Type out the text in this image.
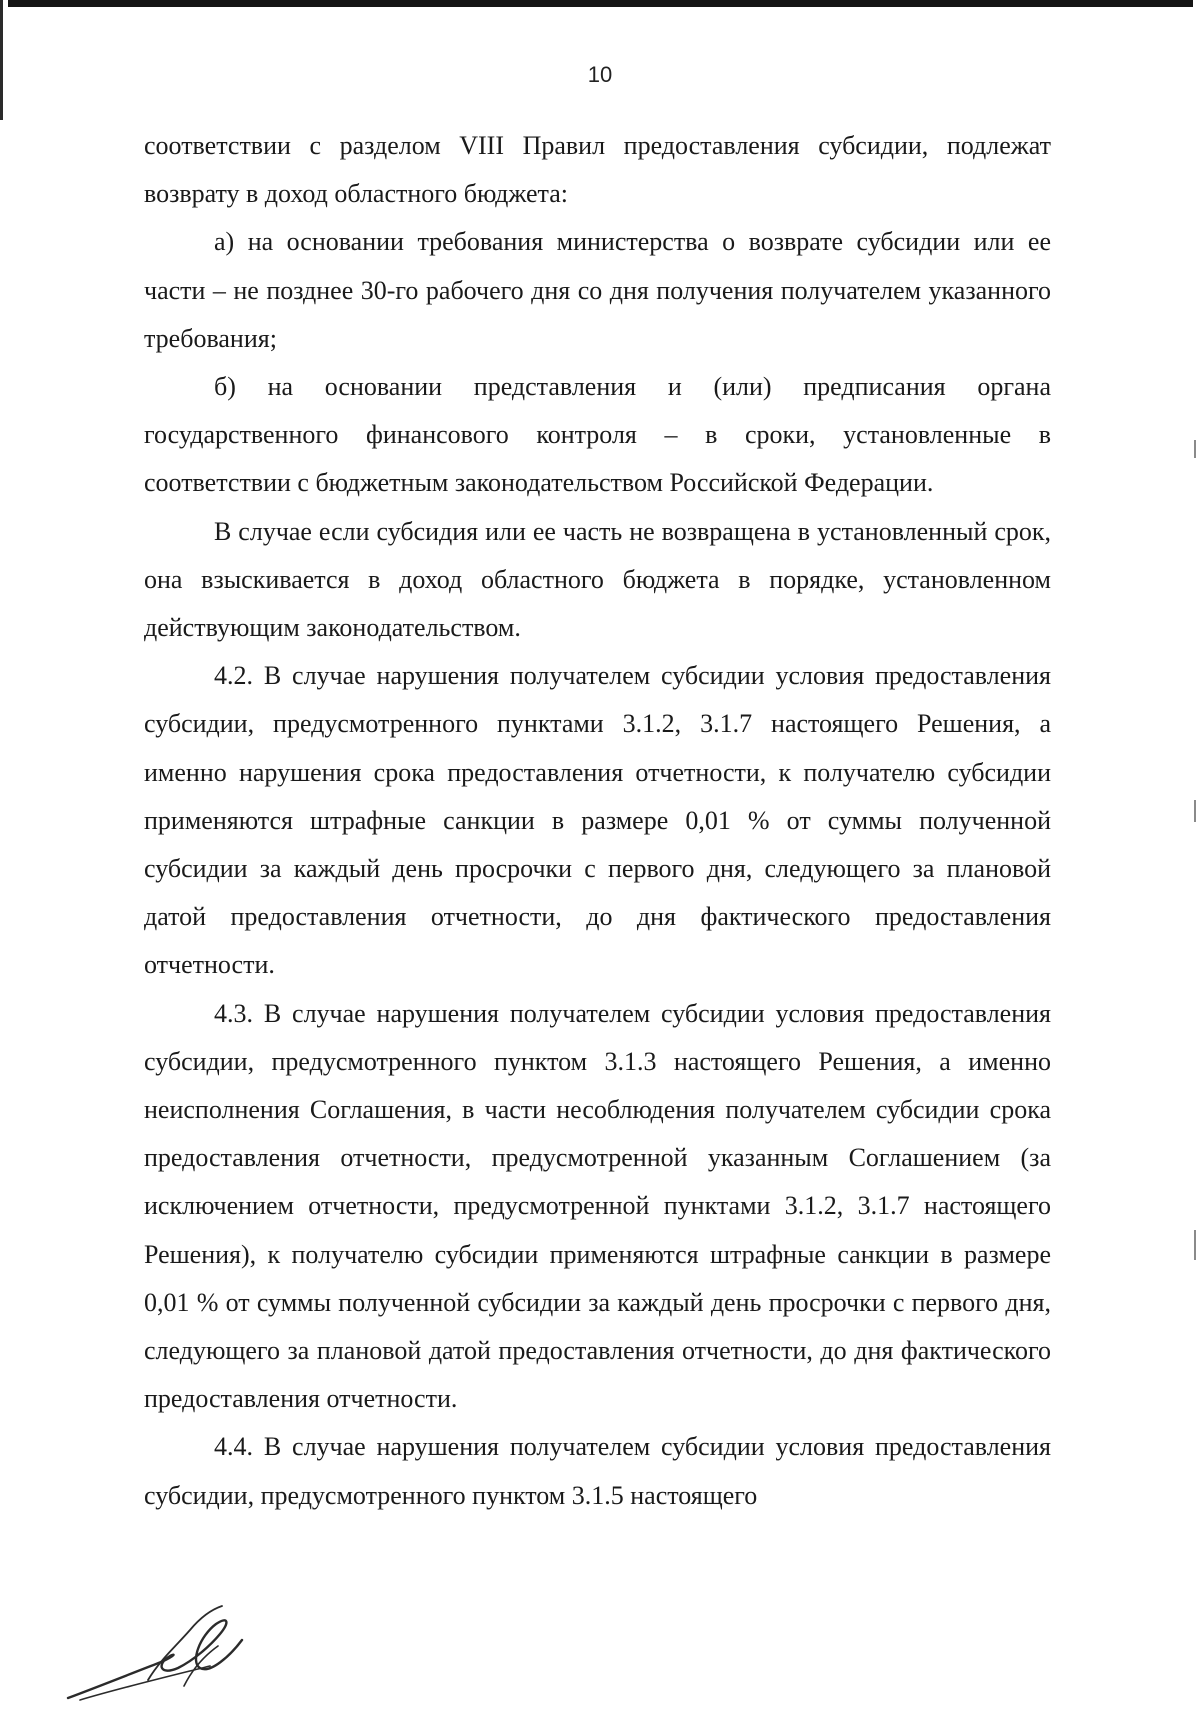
10

соответствии с разделом VIII Правил предоставления субсидии, подлежат возврату в доход областного бюджета:

а) на основании требования министерства о возврате субсидии или ее части – не позднее 30-го рабочего дня со дня получения получателем указанного требования;

б) на основании представления и (или) предписания органа государственного финансового контроля – в сроки, установленные в соответствии с бюджетным законодательством Российской Федерации.

В случае если субсидия или ее часть не возвращена в установленный срок, она взыскивается в доход областного бюджета в порядке, установленном действующим законодательством.

4.2. В случае нарушения получателем субсидии условия предоставления субсидии, предусмотренного пунктами 3.1.2, 3.1.7 настоящего Решения, а именно нарушения срока предоставления отчетности, к получателю субсидии применяются штрафные санкции в размере 0,01 % от суммы полученной субсидии за каждый день просрочки с первого дня, следующего за плановой датой предоставления отчетности, до дня фактического предоставления отчетности.

4.3. В случае нарушения получателем субсидии условия предоставления субсидии, предусмотренного пунктом 3.1.3 настоящего Решения, а именно неисполнения Соглашения, в части несоблюдения получателем субсидии срока предоставления отчетности, предусмотренной указанным Соглашением (за исключением отчетности, предусмотренной пунктами 3.1.2, 3.1.7 настоящего Решения), к получателю субсидии применяются штрафные санкции в размере 0,01 % от суммы полученной субсидии за каждый день просрочки с первого дня, следующего за плановой датой предоставления отчетности, до дня фактического предоставления отчетности.

4.4. В случае нарушения получателем субсидии условия предоставления субсидии, предусмотренного пунктом 3.1.5 настоящего
